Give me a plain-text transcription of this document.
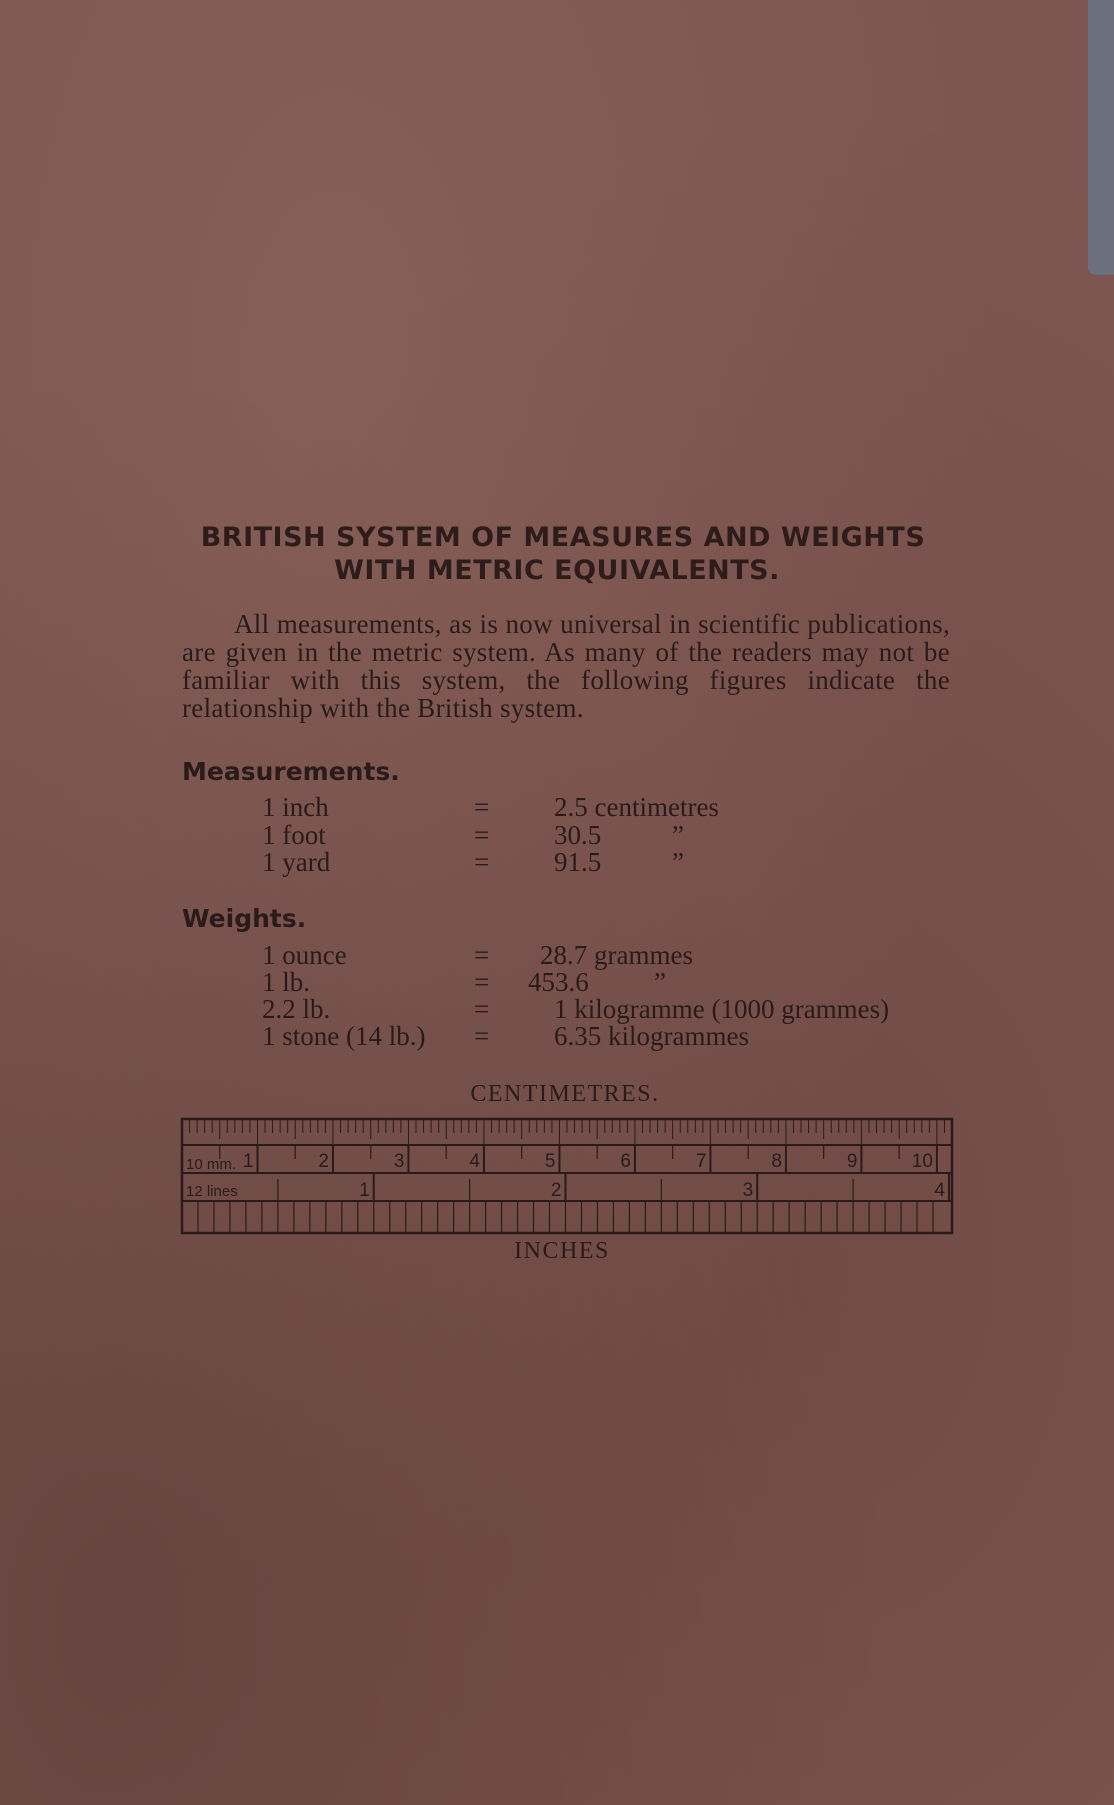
BRITISH SYSTEM OF MEASURES AND WEIGHTS
WITH METRIC EQUIVALENTS.
All measurements, as is now universal in scientific publications, are given in the metric system. As many of the readers may not be familiar with this system, the following figures indicate the relationship with the British system.
Measurements.
1 inch	= 2.5 centimetres
1 foot	= 30.5	”
1 yard	= 91.5	”
Weights.
1 ounce	= 28.7 grammes
1 lb.	= 453.6 ”
2.2 lb.	= 1 kilogramme (1000 grammes)
1 stone (14 lb.) = 6.35 kilogrammes
CENTIMETRES.
1	2	3	4	5	6	7	8	9	10
10 mm.
1	2	3	4
12 lines
INCHES
